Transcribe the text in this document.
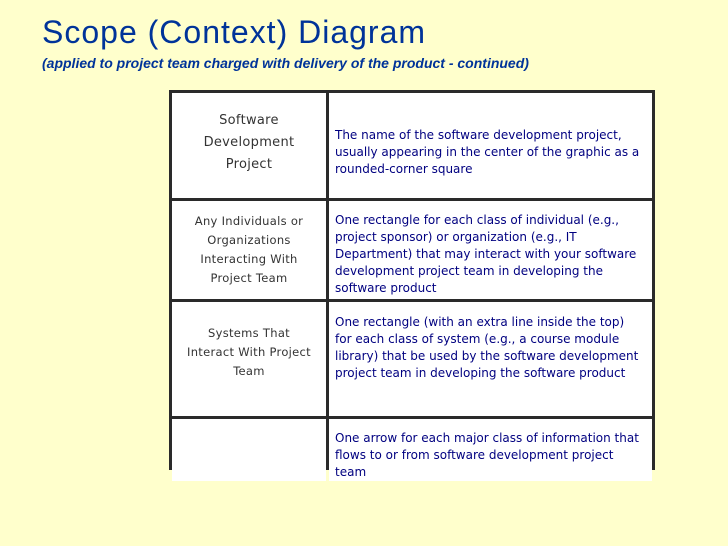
Scope (Context) Diagram
(applied to project team charged with delivery of the product - continued)
Software
Development
Project
The name of the software development project, usually appearing in the center of the graphic as a rounded-corner square
Any Individuals or
Organizations
Interacting With
Project Team
One rectangle for each class of individual (e.g., project sponsor) or organization (e.g., IT Department) that may interact with your software development project team in developing the software product
Systems That
Interact With Project
Team
One rectangle (with an extra line inside the top) for each class of system (e.g., a course module library) that be used by the software development project team in developing the software product
One arrow for each major class of information that flows to or from software development project team
